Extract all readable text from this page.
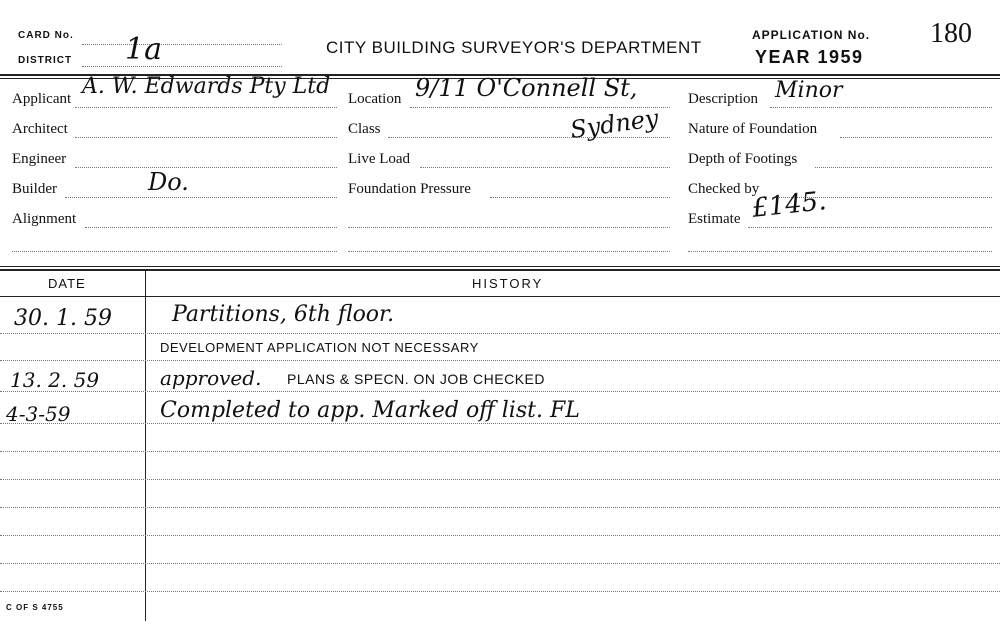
CARD No.
DISTRICT 1a	CITY BUILDING SURVEYOR'S DEPARTMENT
APPLICATION No. 180
YEAR 1959
Applicant A. W. Edwards Pty Ltd
Architect
Engineer
Builder	Do.
Alignment
Location 9/11 O'Connell St,
Sydney
Class
Live Load
Foundation Pressure
Description Minor
Nature of Foundation
Depth of Footings
Checked by
Estimate £145.
DATE	HISTORY
30. 1. 59	Partitions, 6th floor.
DEVELOPMENT APPLICATION NOT NECESSARY
13. 2. 59	approved. PLANS & SPECN. ON JOB CHECKED
4-3-59	Completed to app. Marked off list. FL
C OF S 4755
